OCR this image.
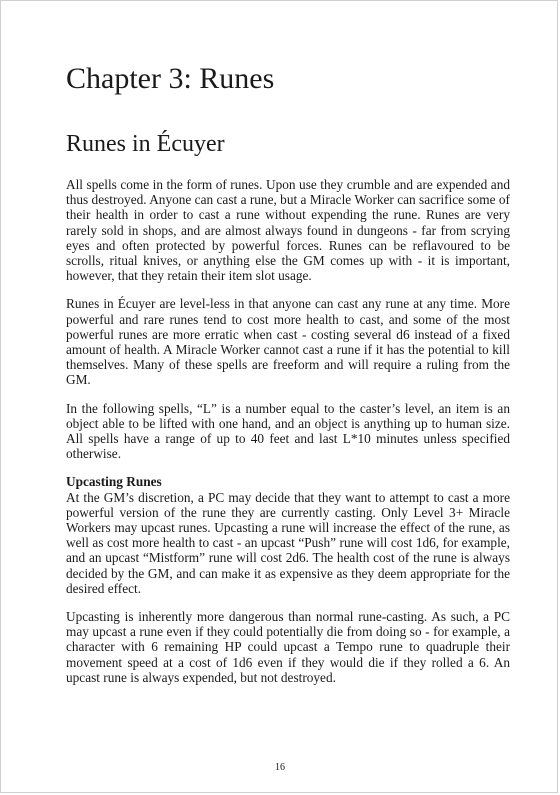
Chapter 3: Runes
Runes in Écuyer

All spells come in the form of runes. Upon use they crumble and are expended and thus destroyed. Anyone can cast a rune, but a Miracle Worker can sacrifice some of their health in order to cast a rune without expending the rune. Runes are very rarely sold in shops, and are almost always found in dungeons - far from scrying eyes and often protected by powerful forces. Runes can be reflavoured to be scrolls, ritual knives, or anything else the GM comes up with - it is important, however, that they retain their item slot usage.

Runes in Écuyer are level-less in that anyone can cast any rune at any time. More powerful and rare runes tend to cost more health to cast, and some of the most powerful runes are more erratic when cast - costing several d6 instead of a fixed amount of health. A Miracle Worker cannot cast a rune if it has the potential to kill themselves. Many of these spells are freeform and will require a ruling from the GM.

In the following spells, “L” is a number equal to the caster’s level, an item is an object able to be lifted with one hand, and an object is anything up to human size. All spells have a range of up to 40 feet and last L*10 minutes unless specified otherwise.

Upcasting Runes

At the GM’s discretion, a PC may decide that they want to attempt to cast a more powerful version of the rune they are currently casting. Only Level 3+ Miracle Workers may upcast runes. Upcasting a rune will increase the effect of the rune, as well as cost more health to cast - an upcast “Push” rune will cost 1d6, for example, and an upcast “Mistform” rune will cost 2d6. The health cost of the rune is always decided by the GM, and can make it as expensive as they deem appropriate for the desired effect.

Upcasting is inherently more dangerous than normal rune-casting. As such, a PC may upcast a rune even if they could potentially die from doing so - for example, a character with 6 remaining HP could upcast a Tempo rune to quadruple their movement speed at a cost of 1d6 even if they would die if they rolled a 6. An upcast rune is always expended, but not destroyed.

16
